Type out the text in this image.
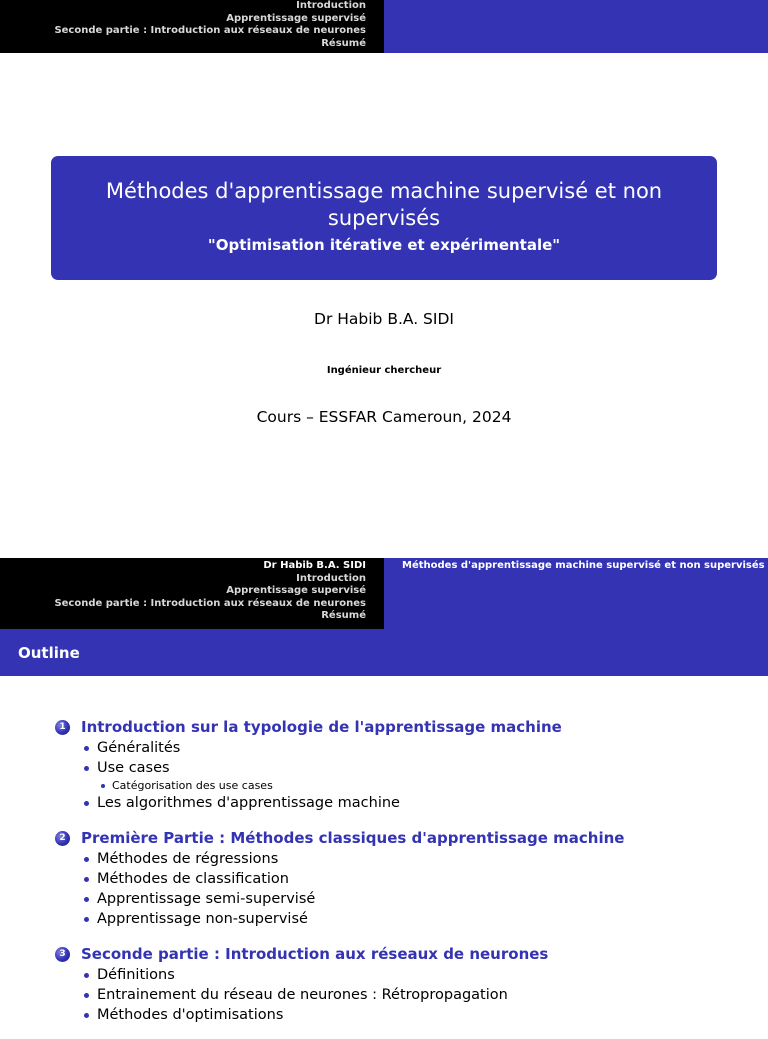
Introduction
Apprentissage supervisé
Seconde partie : Introduction aux réseaux de neurones
Résumé
Méthodes d'apprentissage machine supervisé et non supervisés
"Optimisation itérative et expérimentale"
Dr Habib B.A. SIDI
Ingénieur chercheur
Cours – ESSFAR Cameroun, 2024
Dr Habib B.A. SIDI
Introduction
Apprentissage supervisé
Seconde partie : Introduction aux réseaux de neurones
Résumé
Méthodes d'apprentissage machine supervisé et non supervisés
Outline
1 Introduction sur la typologie de l'apprentissage machine
Généralités
Use cases
Catégorisation des use cases
Les algorithmes d'apprentissage machine
2 Première Partie : Méthodes classiques d'apprentissage machine
Méthodes de régressions
Méthodes de classification
Apprentissage semi-supervisé
Apprentissage non-supervisé
3 Seconde partie : Introduction aux réseaux de neurones
Définitions
Entrainement du réseau de neurones : Rétropropagation
Méthodes d'optimisations
